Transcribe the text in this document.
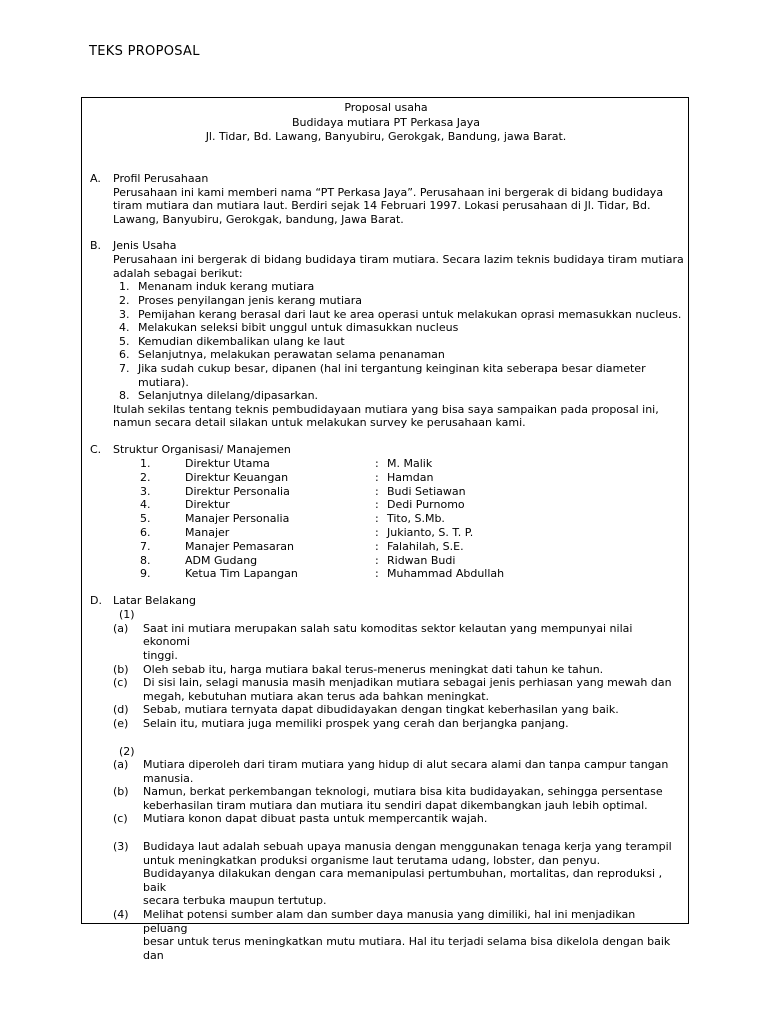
TEKS PROPOSAL
Proposal usaha
Budidaya mutiara PT Perkasa Jaya
Jl. Tidar, Bd. Lawang, Banyubiru, Gerokgak, Bandung, jawa Barat.
A. Profil Perusahaan
Perusahaan ini kami memberi nama “PT Perkasa Jaya”. Perusahaan ini bergerak di bidang budidaya
tiram mutiara dan mutiara laut. Berdiri sejak 14 Februari 1997. Lokasi perusahaan di Jl. Tidar, Bd.
Lawang, Banyubiru, Gerokgak, bandung, Jawa Barat.
B. Jenis Usaha
Perusahaan ini bergerak di bidang budidaya tiram mutiara. Secara lazim teknis budidaya tiram mutiara
adalah sebagai berikut:
1. Menanam induk kerang mutiara
2. Proses penyilangan jenis kerang mutiara
3. Pemijahan kerang berasal dari laut ke area operasi untuk melakukan oprasi memasukkan nucleus.
4. Melakukan seleksi bibit unggul untuk dimasukkan nucleus
5. Kemudian dikembalikan ulang ke laut
6. Selanjutnya, melakukan perawatan selama penanaman
7. Jika sudah cukup besar, dipanen (hal ini tergantung keinginan kita seberapa besar diameter
mutiara).
8. Selanjutnya dilelang/dipasarkan.
Itulah sekilas tentang teknis pembudidayaan mutiara yang bisa saya sampaikan pada proposal ini,
namun secara detail silakan untuk melakukan survey ke perusahaan kami.
C. Struktur Organisasi/ Manajemen
1.	Direktur Utama	: M. Malik
2.	Direktur Keuangan	: Hamdan
3.	Direktur Personalia	: Budi Setiawan
4.	Direktur	: Dedi Purnomo
5.	Manajer Personalia	: Tito, S.Mb.
6.	Manajer	: Jukianto, S. T. P.
7.	Manajer Pemasaran	: Falahilah, S.E.
8.	ADM Gudang	: Ridwan Budi
9.	Ketua Tim Lapangan	: Muhammad Abdullah
D. Latar Belakang
(1)
(a) Saat ini mutiara merupakan salah satu komoditas sektor kelautan yang mempunyai nilai ekonomi
tinggi.
(b) Oleh sebab itu, harga mutiara bakal terus-menerus meningkat dati tahun ke tahun.
(c) Di sisi lain, selagi manusia masih menjadikan mutiara sebagai jenis perhiasan yang mewah dan
megah, kebutuhan mutiara akan terus ada bahkan meningkat.
(d) Sebab, mutiara ternyata dapat dibudidayakan dengan tingkat keberhasilan yang baik.
(e) Selain itu, mutiara juga memiliki prospek yang cerah dan berjangka panjang.
(2)
(a) Mutiara diperoleh dari tiram mutiara yang hidup di alut secara alami dan tanpa campur tangan
manusia.
(b) Namun, berkat perkembangan teknologi, mutiara bisa kita budidayakan, sehingga persentase
keberhasilan tiram mutiara dan mutiara itu sendiri dapat dikembangkan jauh lebih optimal.
(c) Mutiara konon dapat dibuat pasta untuk mempercantik wajah.
(3) Budidaya laut adalah sebuah upaya manusia dengan menggunakan tenaga kerja yang terampil
untuk meningkatkan produksi organisme laut terutama udang, lobster, dan penyu.
Budidayanya dilakukan dengan cara memanipulasi pertumbuhan, mortalitas, dan reproduksi , baik
secara terbuka maupun tertutup.
(4) Melihat potensi sumber alam dan sumber daya manusia yang dimiliki, hal ini menjadikan peluang
besar untuk terus meningkatkan mutu mutiara. Hal itu terjadi selama bisa dikelola dengan baik dan
